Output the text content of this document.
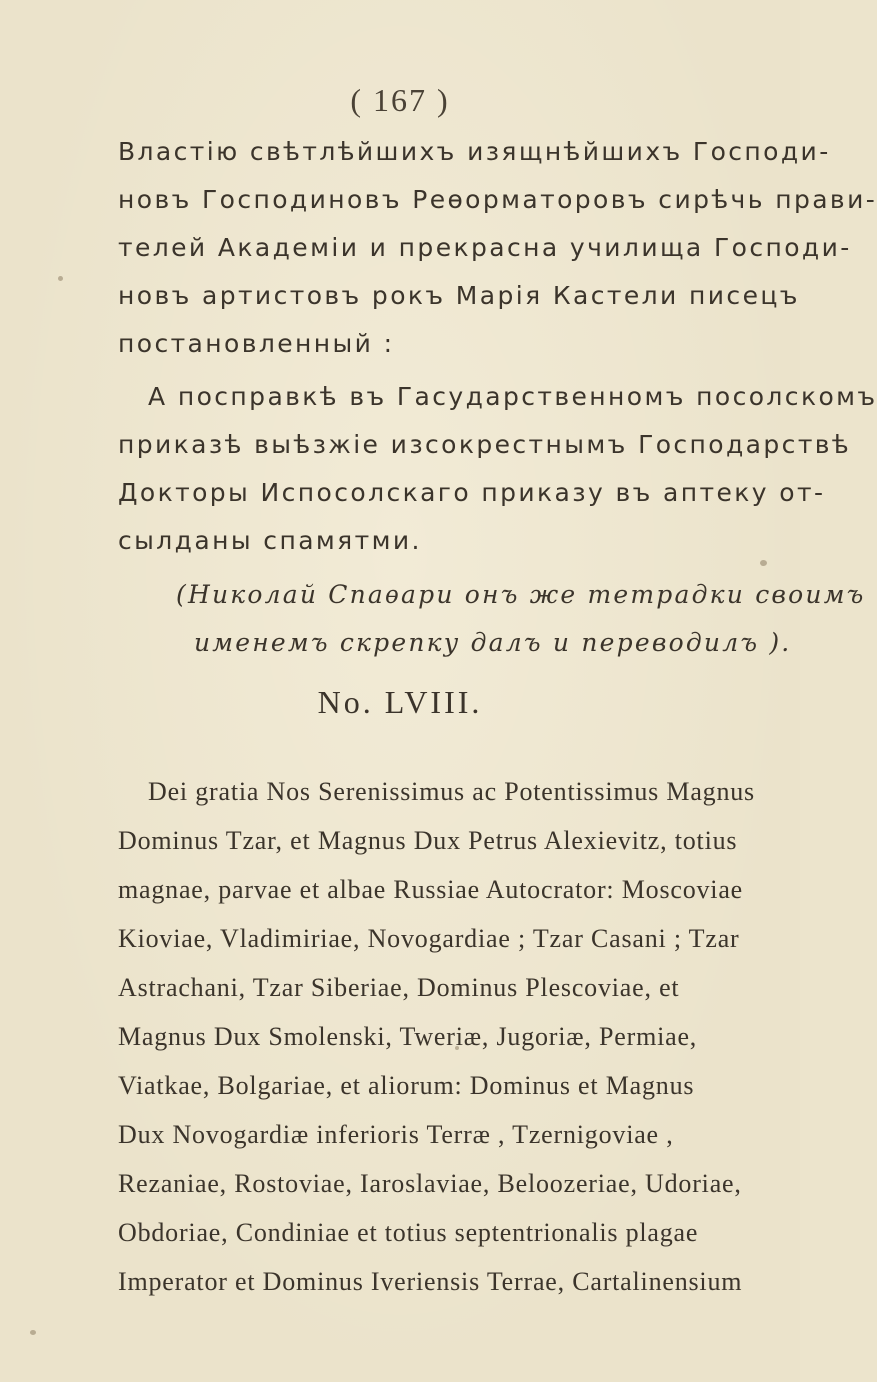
( 167 )
Властію свѣтлѣйшихъ изящнѣйшихъ Господи-
новъ Господиновъ Реѳорматоровъ сирѣчь прави-
телей Академіи и прекрасна училища Господи-
новъ артистовъ рокъ Марія Кастели писецъ
постановленный :
А посправкѣ въ Гасударственномъ посолскомъ
приказѣ выѣзжіе изсокрестнымъ Господарствѣ
Докторы Испосолскаго приказу въ аптеку от-
сылданы спамятми.
(Николай Спаѳари онъ же тетрадки своимъ
именемъ скрепку далъ и переводилъ ).
No. LVIII.
Dei gratia Nos Serenissimus ac Potentissimus Magnus
Dominus Tzar, et Magnus Dux Petrus Alexievitz, totius
magnae, parvae et albae Russiae Autocrator: Moscoviae
Kioviae, Vladimiriae, Novogardiae ; Tzar Casani ; Tzar
Astrachani, Tzar Siberiae, Dominus Plescoviae, et
Magnus Dux Smolenski, Tweriæ, Jugoriæ, Permiae,
Viatkae, Bolgariae, et aliorum: Dominus et Magnus
Dux Novogardiæ inferioris Terræ , Tzernigoviae ,
Rezaniae, Rostoviae, Iaroslaviae, Beloozeriae, Udoriae,
Obdoriae, Condiniae et totius septentrionalis plagae
Imperator et Dominus Iveriensis Terrae, Cartalinensium
